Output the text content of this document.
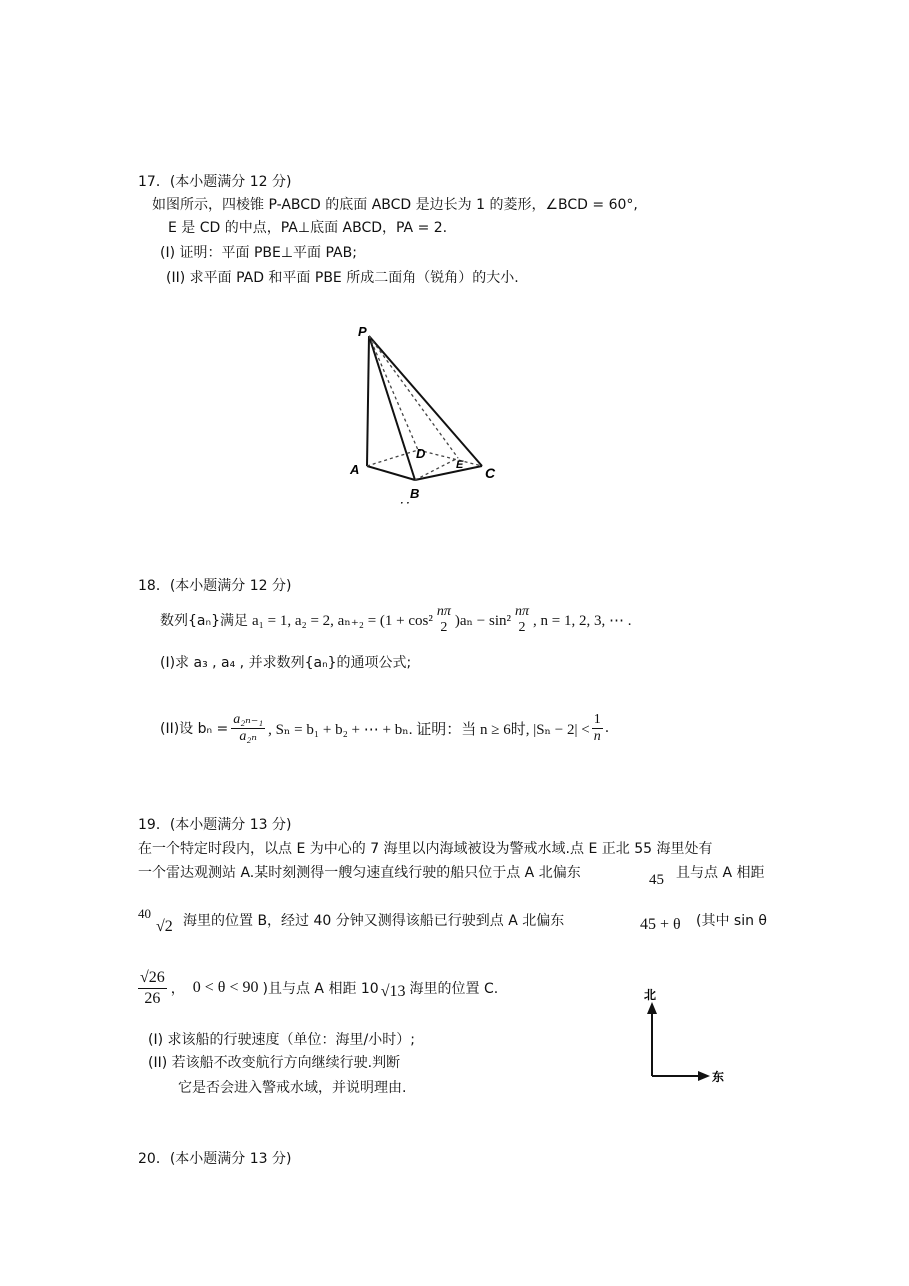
17．(本小题满分 12 分)
如图所示，四棱锥 P-ABCD 的底面 ABCD 是边长为 1 的菱形，∠BCD = 60°,
E 是 CD 的中点，PA⊥底面 ABCD，PA = 2.
(I) 证明：平面 PBE⊥平面 PAB;
(II) 求平面 PAD 和平面 PBE 所成二面角（锐角）的大小.
P
A
B
C
D
E
· ·
18．(本小题满分 12 分)
数列{aₙ}满足 a₁ = 1, a₂ = 2, aₙ₊₂ = (1 + cos²
nπ
2 )aₙ − sin²
nπ
2 , n = 1, 2, 3, ⋯ .
(I)求 a₃ , a₄ , 并求数列{aₙ}的通项公式;
(II)设 $b_n = \frac{\text{a₂ₙ₋₁}}{\text{a₂ₙ}}$ , Sₙ = b₁ + b₂ + ⋯ + bₙ. 证明：当 n ≥ 6时, $|S_n - 2| < \frac{1}{n}$ .
19．(本小题满分 13 分)
在一个特定时段内，以点 E 为中心的 7 海里以内海域被设为警戒水域.点 E 正北 55 海里处有
一个雷达观测站 A.某时刻测得一艘匀速直线行驶的船只位于点 A 北偏东	45 且与点 A 相距
40
√2 海里的位置 B，经过 40 分钟又测得该船已行驶到点 A 北偏东	45 + θ (其中 sin θ
$\frac{√26}{26}$ ， 0 < θ < 90 )且与点 A 相距 10 √13 海里的位置 C.
(I) 求该船的行驶速度（单位：海里/小时）;
(II) 若该船不改变航行方向继续行驶.判断
它是否会进入警戒水域，并说明理由.
北
东
20．(本小题满分 13 分)
